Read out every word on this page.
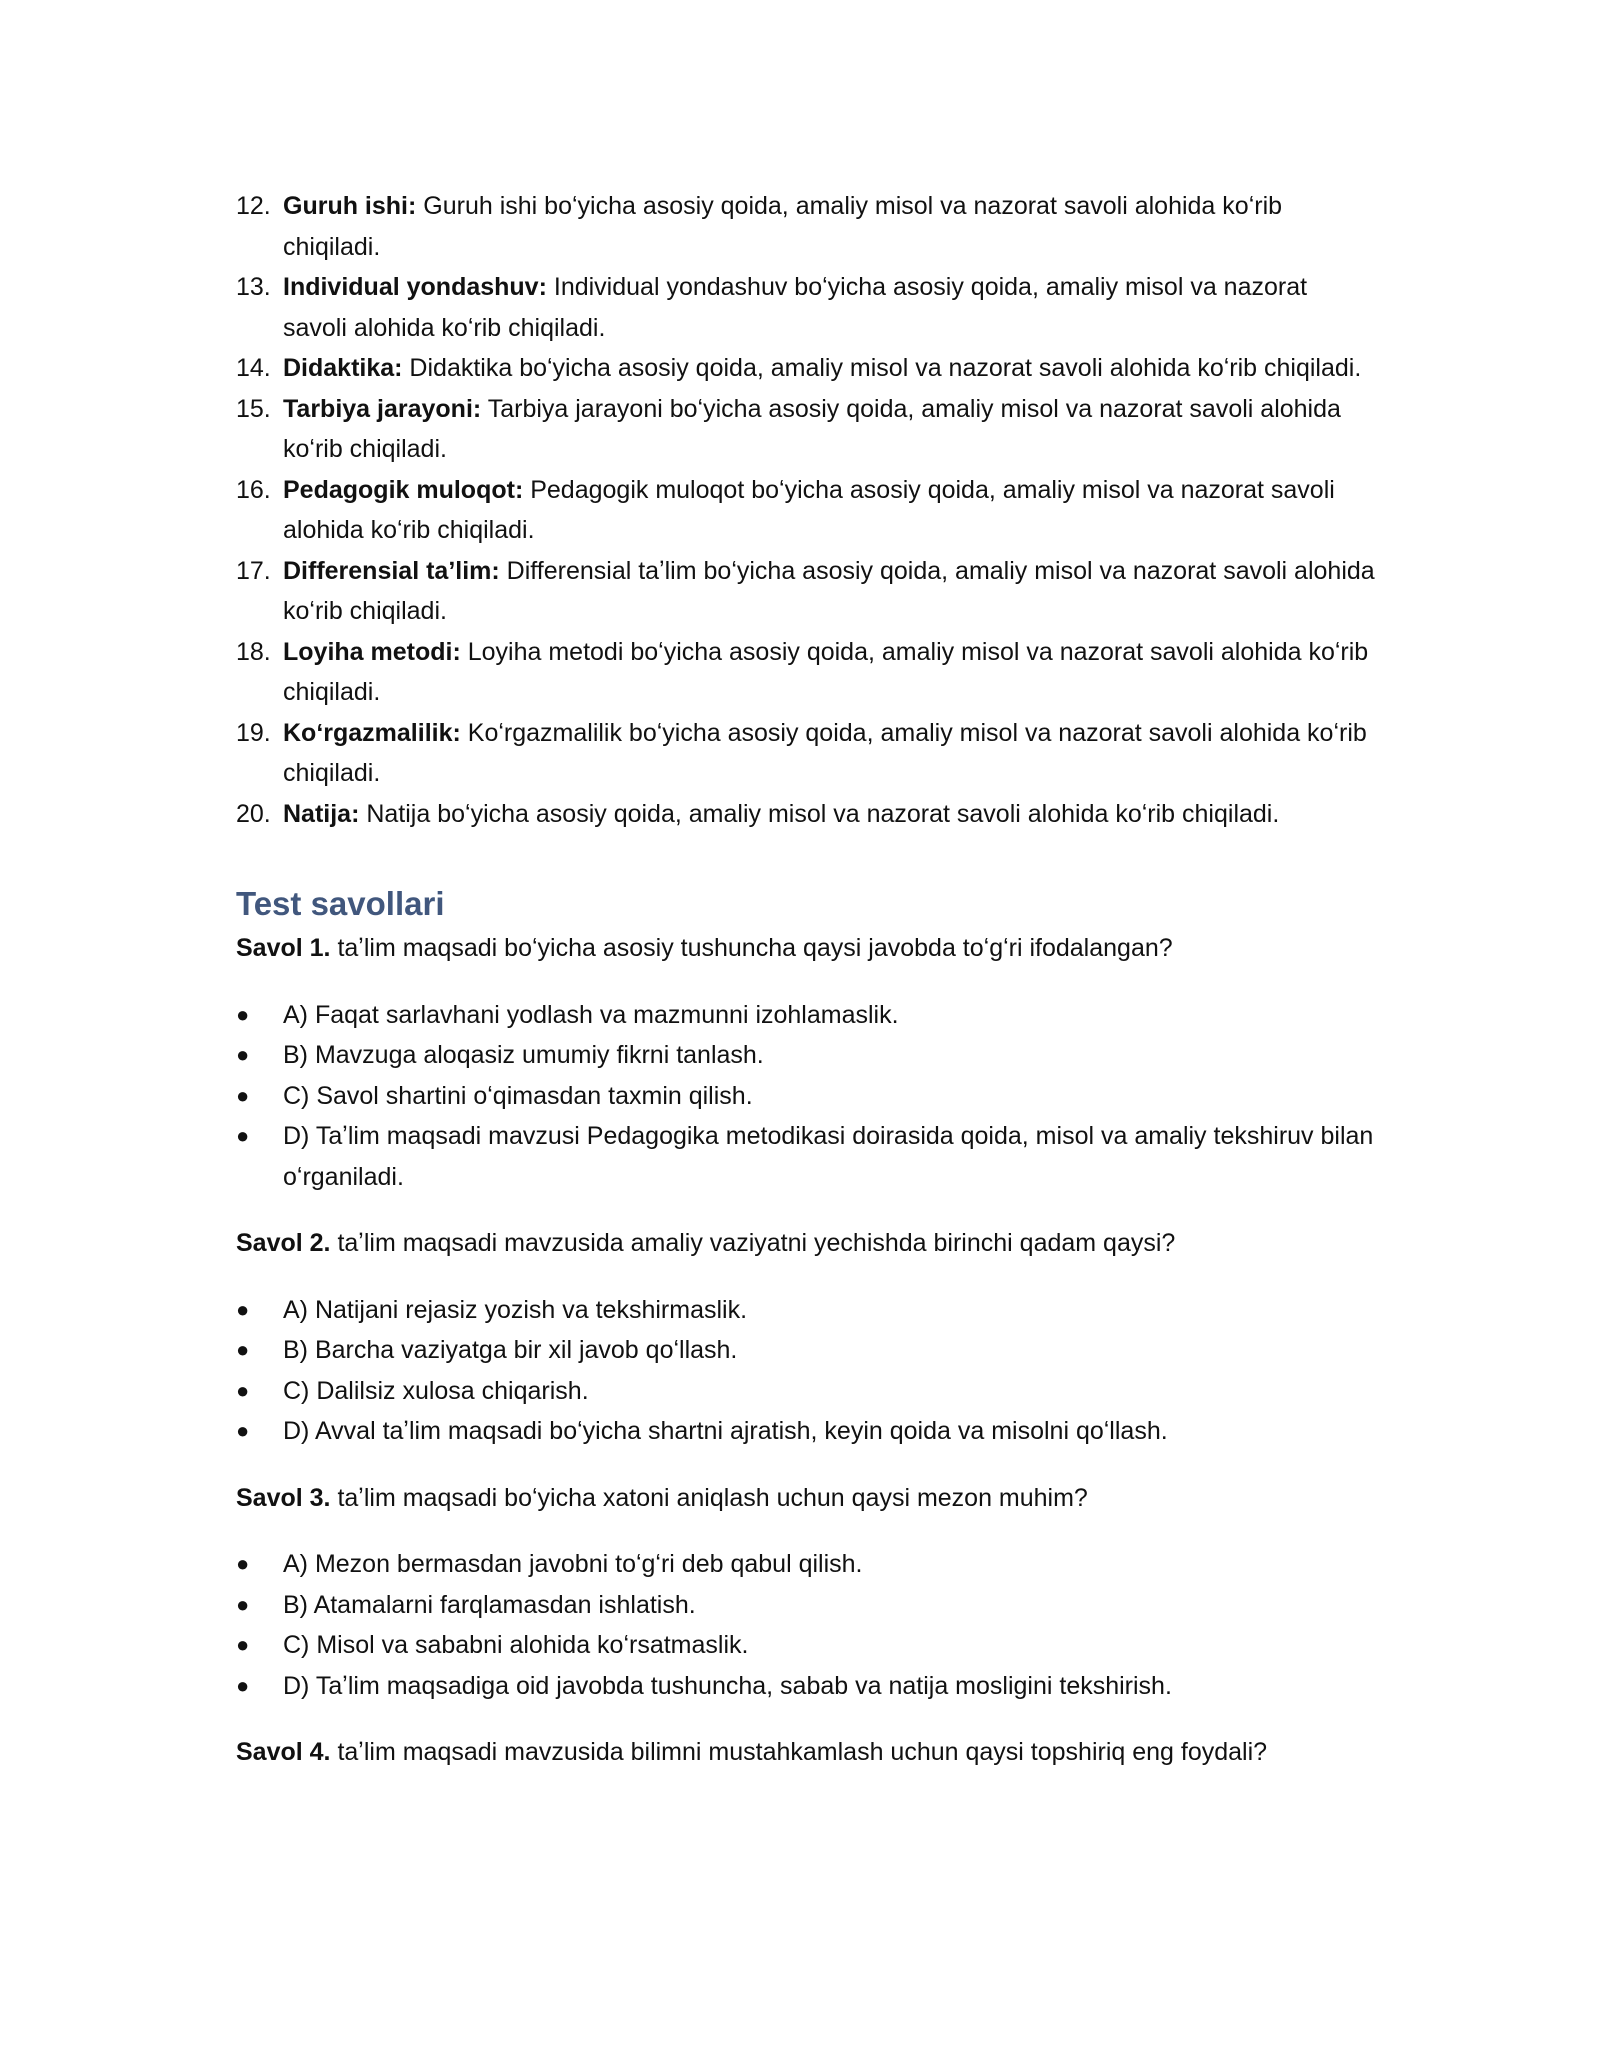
12. Guruh ishi: Guruh ishi boʻyicha asosiy qoida, amaliy misol va nazorat savoli alohida koʻrib chiqiladi.
13. Individual yondashuv: Individual yondashuv boʻyicha asosiy qoida, amaliy misol va nazorat savoli alohida koʻrib chiqiladi.
14. Didaktika: Didaktika boʻyicha asosiy qoida, amaliy misol va nazorat savoli alohida koʻrib chiqiladi.
15. Tarbiya jarayoni: Tarbiya jarayoni boʻyicha asosiy qoida, amaliy misol va nazorat savoli alohida koʻrib chiqiladi.
16. Pedagogik muloqot: Pedagogik muloqot boʻyicha asosiy qoida, amaliy misol va nazorat savoli alohida koʻrib chiqiladi.
17. Differensial taʼlim: Differensial taʼlim boʻyicha asosiy qoida, amaliy misol va nazorat savoli alohida koʻrib chiqiladi.
18. Loyiha metodi: Loyiha metodi boʻyicha asosiy qoida, amaliy misol va nazorat savoli alohida koʻrib chiqiladi.
19. Koʻrgazmalilik: Koʻrgazmalilik boʻyicha asosiy qoida, amaliy misol va nazorat savoli alohida koʻrib chiqiladi.
20. Natija: Natija boʻyicha asosiy qoida, amaliy misol va nazorat savoli alohida koʻrib chiqiladi.
Test savollari

Savol 1. taʼlim maqsadi boʻyicha asosiy tushuncha qaysi javobda toʻgʻri ifodalangan?

● A) Faqat sarlavhani yodlash va mazmunni izohlamaslik.
● B) Mavzuga aloqasiz umumiy fikrni tanlash.
● C) Savol shartini oʻqimasdan taxmin qilish.
● D) Taʼlim maqsadi mavzusi Pedagogika metodikasi doirasida qoida, misol va amaliy tekshiruv bilan oʻrganiladi.

Savol 2. taʼlim maqsadi mavzusida amaliy vaziyatni yechishda birinchi qadam qaysi?

● A) Natijani rejasiz yozish va tekshirmaslik.
● B) Barcha vaziyatga bir xil javob qoʻllash.
● C) Dalilsiz xulosa chiqarish.
● D) Avval taʼlim maqsadi boʻyicha shartni ajratish, keyin qoida va misolni qoʻllash.

Savol 3. taʼlim maqsadi boʻyicha xatoni aniqlash uchun qaysi mezon muhim?

● A) Mezon bermasdan javobni toʻgʻri deb qabul qilish.
● B) Atamalarni farqlamasdan ishlatish.
● C) Misol va sababni alohida koʻrsatmaslik.
● D) Taʼlim maqsadiga oid javobda tushuncha, sabab va natija mosligini tekshirish.

Savol 4. taʼlim maqsadi mavzusida bilimni mustahkamlash uchun qaysi topshiriq eng foydali?
